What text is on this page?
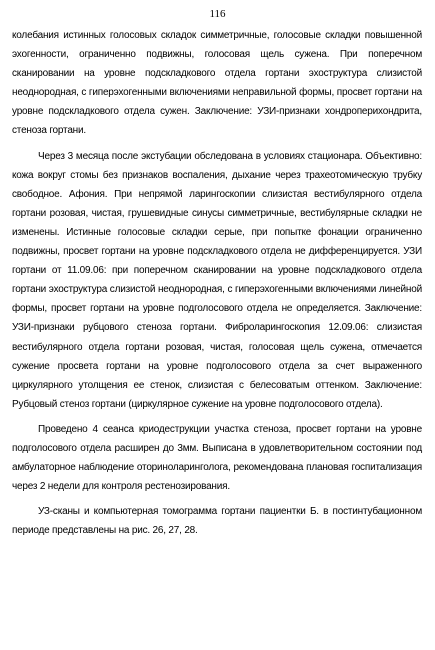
116

колебания истинных голосовых складок симметричные, голосовые складки повышенной эхогенности, ограниченно подвижны, голосовая щель сужена. При поперечном сканировании на уровне подскладкового отдела гортани эхоструктура слизистой неоднородная, с гиперэхогенными включениями неправильной формы, просвет гортани на уровне подскладкового отдела сужен. Заключение: УЗИ-признаки хондроперихондрита, стеноза гортани.

Через 3 месяца после экстубации обследована в условиях стационара. Объективно: кожа вокруг стомы без признаков воспаления, дыхание через трахеотомическую трубку свободное. Афония. При непрямой ларингоскопии слизистая вестибулярного отдела гортани розовая, чистая, грушевидные синусы симметричные, вестибулярные складки не изменены. Истинные голосовые складки серые, при попытке фонации ограниченно подвижны, просвет гортани на уровне подскладкового отдела не дифференцируется. УЗИ гортани от 11.09.06: при поперечном сканировании на уровне подскладкового отдела гортани эхоструктура слизистой неоднородная, с гиперэхогенными включениями линейной формы, просвет гортани на уровне подголосового отдела не определяется. Заключение: УЗИ-признаки рубцового стеноза гортани. Фиброларингоскопия 12.09.06: слизистая вестибулярного отдела гортани розовая, чистая, голосовая щель сужена, отмечается сужение просвета гортани на уровне подголосового отдела за счет выраженного циркулярного утолщения ее стенок, слизистая с белесоватым оттенком. Заключение: Рубцовый стеноз гортани (циркулярное сужение на уровне подголосового отдела).

Проведено 4 сеанса криодеструкции участка стеноза, просвет гортани на уровне подголосового отдела расширен до 3мм. Выписана в удовлетворительном состоянии под амбулаторное наблюдение оториноларинголога, рекомендована плановая госпитализация через 2 недели для контроля рестенозирования.

УЗ-сканы и компьютерная томограмма гортани пациентки Б. в постинтубационном периоде представлены на рис. 26, 27, 28.
